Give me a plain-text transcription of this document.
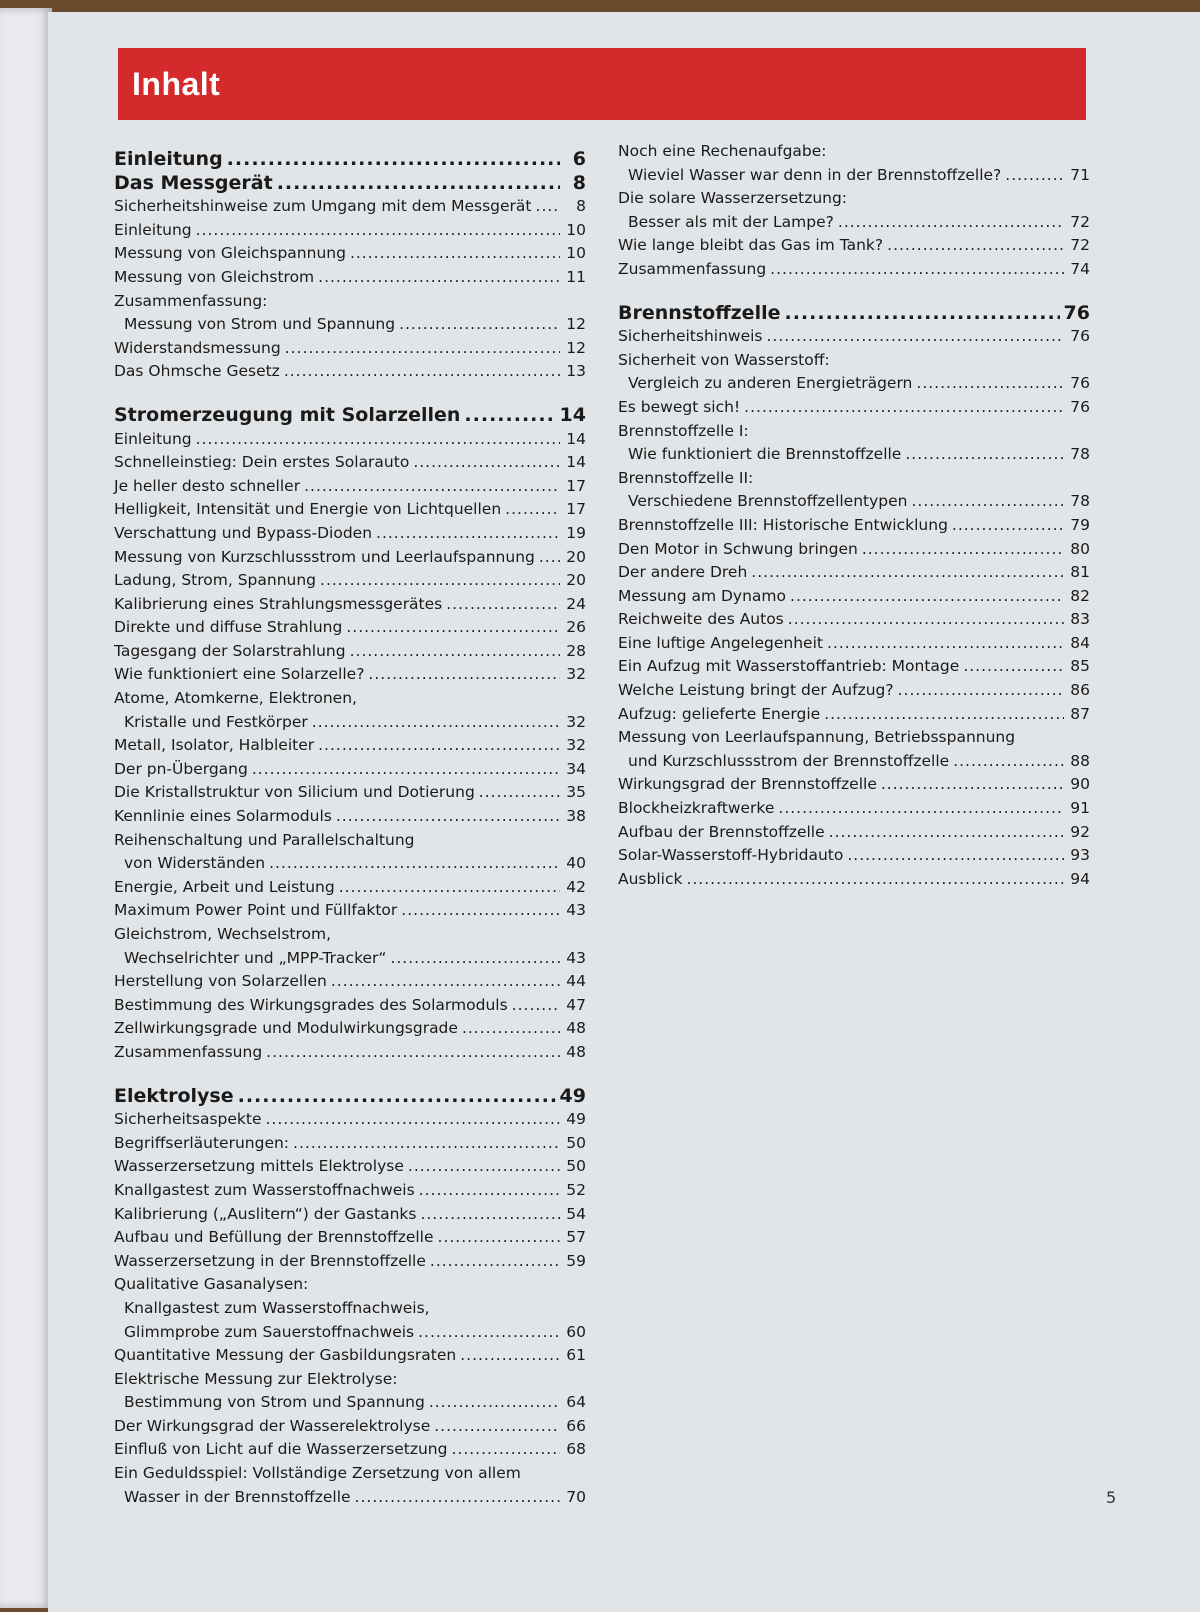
Inhalt
Einleitung .....	6
Das Messgerät .....	8
Sicherheitshinweise zum Umgang mit dem Messgerät .....	8
Einleitung .....	10
Messung von Gleichspannung .....	10
Messung von Gleichstrom .....	11
Zusammenfassung:
Messung von Strom und Spannung .....	12
Widerstandsmessung .....	12
Das Ohmsche Gesetz .....	13
Stromerzeugung mit Solarzellen .....	14
Einleitung .....	14
Schnelleinstieg: Dein erstes Solarauto .....	14
Je heller desto schneller .....	17
Helligkeit, Intensität und Energie von Lichtquellen .....	17
Verschattung und Bypass-Dioden .....	19
Messung von Kurzschlussstrom und Leerlaufspannung ..... 20
Ladung, Strom, Spannung .....	20
Kalibrierung eines Strahlungsmessgerätes .....	24
Direkte und diffuse Strahlung .....	26
Tagesgang der Solarstrahlung .....	28
Wie funktioniert eine Solarzelle? .....	32
Atome, Atomkerne, Elektronen,
Kristalle und Festkörper .....	32
Metall, Isolator, Halbleiter .....	32
Der pn-Übergang .....	34
Die Kristallstruktur von Silicium und Dotierung .....	35
Kennlinie eines Solarmoduls .....	38
Reihenschaltung und Parallelschaltung
von Widerständen .....	40
Energie, Arbeit und Leistung .....	42
Maximum Power Point und Füllfaktor .....	43
Gleichstrom, Wechselstrom,
Wechselrichter und „MPP-Tracker“ .....	43
Herstellung von Solarzellen .....	44
Bestimmung des Wirkungsgrades des Solarmoduls .....	47
Zellwirkungsgrade und Modulwirkungsgrade .....	48
Zusammenfassung .....	48
Elektrolyse .....	49
Sicherheitsaspekte .....	49
Begriffserläuterungen: .....	50
Wasserzersetzung mittels Elektrolyse .....	50
Knallgastest zum Wasserstoffnachweis .....	52
Kalibrierung („Auslitern“) der Gastanks .....	54
Aufbau und Befüllung der Brennstoffzelle .....	57
Wasserzersetzung in der Brennstoffzelle .....	59
Qualitative Gasanalysen:
Knallgastest zum Wasserstoffnachweis,
Glimmprobe zum Sauerstoffnachweis .....	60
Quantitative Messung der Gasbildungsraten .....	61
Elektrische Messung zur Elektrolyse:
Bestimmung von Strom und Spannung .....	64
Der Wirkungsgrad der Wasserelektrolyse .....	66
Einfluß von Licht auf die Wasserzersetzung .....	68
Ein Geduldsspiel: Vollständige Zersetzung von allem
Wasser in der Brennstoffzelle .....	70
Noch eine Rechenaufgabe:
Wieviel Wasser war denn in der Brennstoffzelle? .....	71
Die solare Wasserzersetzung:
Besser als mit der Lampe? .....	72
Wie lange bleibt das Gas im Tank? .....	72
Zusammenfassung .....	74
Brennstoffzelle .....	76
Sicherheitshinweis .....	76
Sicherheit von Wasserstoff:
Vergleich zu anderen Energieträgern .....	76
Es bewegt sich! .....	76
Brennstoffzelle I:
Wie funktioniert die Brennstoffzelle .....	78
Brennstoffzelle II:
Verschiedene Brennstoffzellentypen .....	78
Brennstoffzelle III: Historische Entwicklung .....	79
Den Motor in Schwung bringen .....	80
Der andere Dreh .....	81
Messung am Dynamo .....	82
Reichweite des Autos .....	83
Eine luftige Angelegenheit .....	84
Ein Aufzug mit Wasserstoffantrieb: Montage .....	85
Welche Leistung bringt der Aufzug? .....	86
Aufzug: gelieferte Energie .....	87
Messung von Leerlaufspannung, Betriebsspannung
und Kurzschlussstrom der Brennstoffzelle .....	88
Wirkungsgrad der Brennstoffzelle .....	90
Blockheizkraftwerke .....	91
Aufbau der Brennstoffzelle .....	92
Solar-Wasserstoff-Hybridauto .....	93
Ausblick .....	94
5
